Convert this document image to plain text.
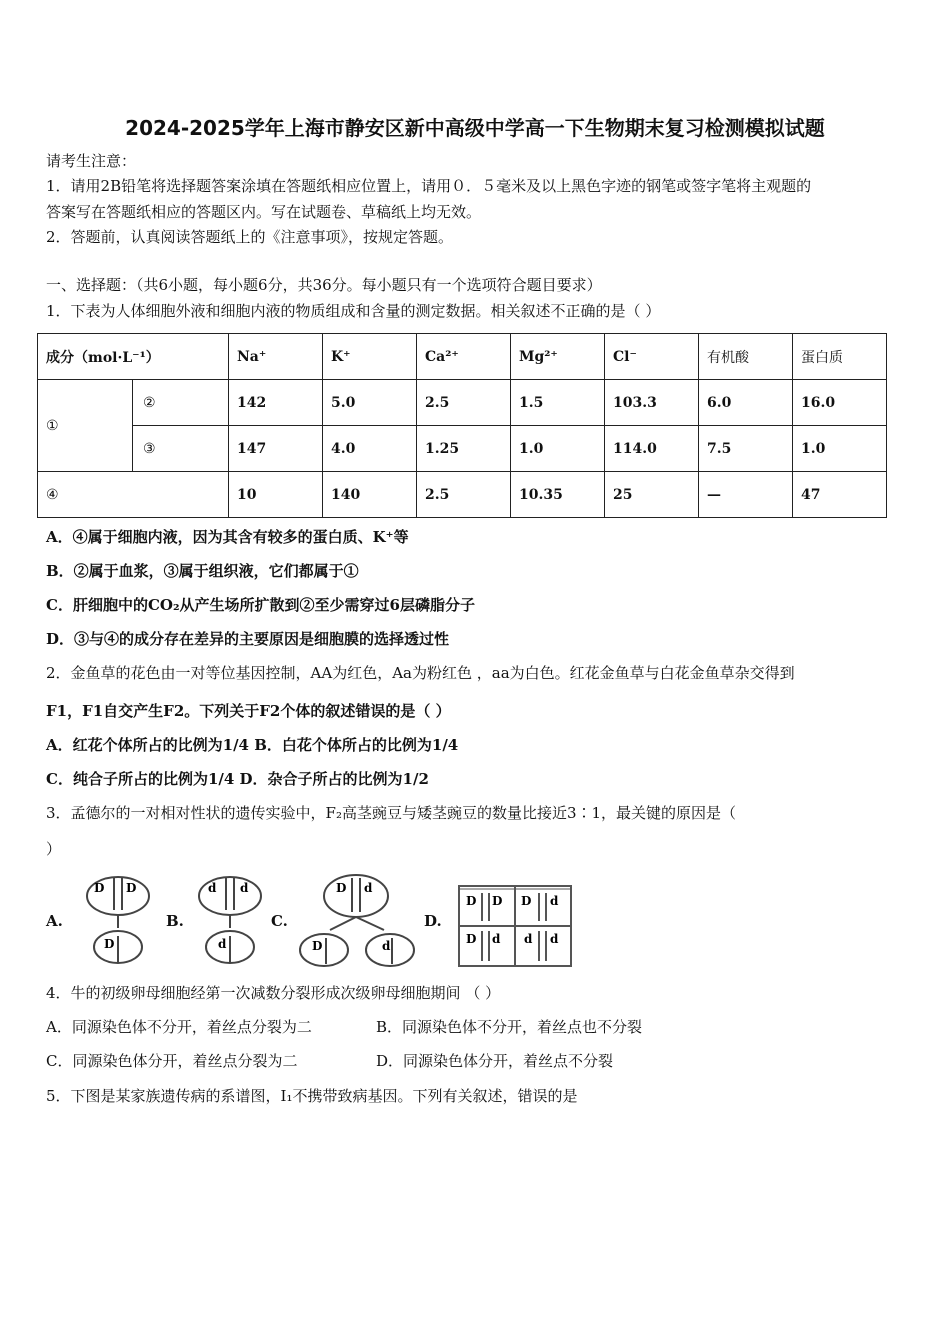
2024-2025学年上海市静安区新中高级中学高一下生物期末复习检测模拟试题
请考生注意：
1．请用2B铅笔将选择题答案涂填在答题纸相应位置上，请用０．５毫米及以上黑色字迹的钢笔或签字笔将主观题的
答案写在答题纸相应的答题区内。写在试题卷、草稿纸上均无效。
2．答题前，认真阅读答题纸上的《注意事项》，按规定答题。
一、选择题：（共6小题，每小题6分，共36分。每小题只有一个选项符合题目要求）
1．下表为人体细胞外液和细胞内液的物质组成和含量的测定数据。相关叙述不正确的是（ ）
成分（mol·L⁻¹）		Na⁺	K⁺	Ca²⁺	Mg²⁺	Cl⁻	有机酸	蛋白质
①	②	142	5.0	2.5	1.5	103.3	6.0	16.0
	③	147	4.0	1.25	1.0	114.0	7.5	1.0
④		10	140	2.5	10.35	25	—	47
A．④属于细胞内液，因为其含有较多的蛋白质、K⁺等
B．②属于血浆，③属于组织液，它们都属于①
C．肝细胞中的CO₂从产生场所扩散到②至少需穿过6层磷脂分子
D．③与④的成分存在差异的主要原因是细胞膜的选择透过性
2．金鱼草的花色由一对等位基因控制，AA为红色，Aa为粉红色 ，aa为白色。红花金鱼草与白花金鱼草杂交得到
F1，F1自交产生F2。下列关于F2个体的叙述错误的是（ ）
A．红花个体所占的比例为1/4 B．白花个体所占的比例为1/4
C．纯合子所占的比例为1/4 D．杂合子所占的比例为1/2
3．孟德尔的一对相对性状的遗传实验中，F₂高茎豌豆与矮茎豌豆的数量比接近3∶1，最关键的原因是（
）
A.	B.	C.	D.
D D
D
d d
d
D d
D	d
D D D d
D d d d
4．牛的初级卵母细胞经第一次减数分裂形成次级卵母细胞期间 （ ）
A．同源染色体不分开，着丝点分裂为二	B．同源染色体不分开，着丝点也不分裂
C．同源染色体分开，着丝点分裂为二	D．同源染色体分开，着丝点不分裂
5．下图是某家族遗传病的系谱图，Ⅰ₁不携带致病基因。下列有关叙述，错误的是
